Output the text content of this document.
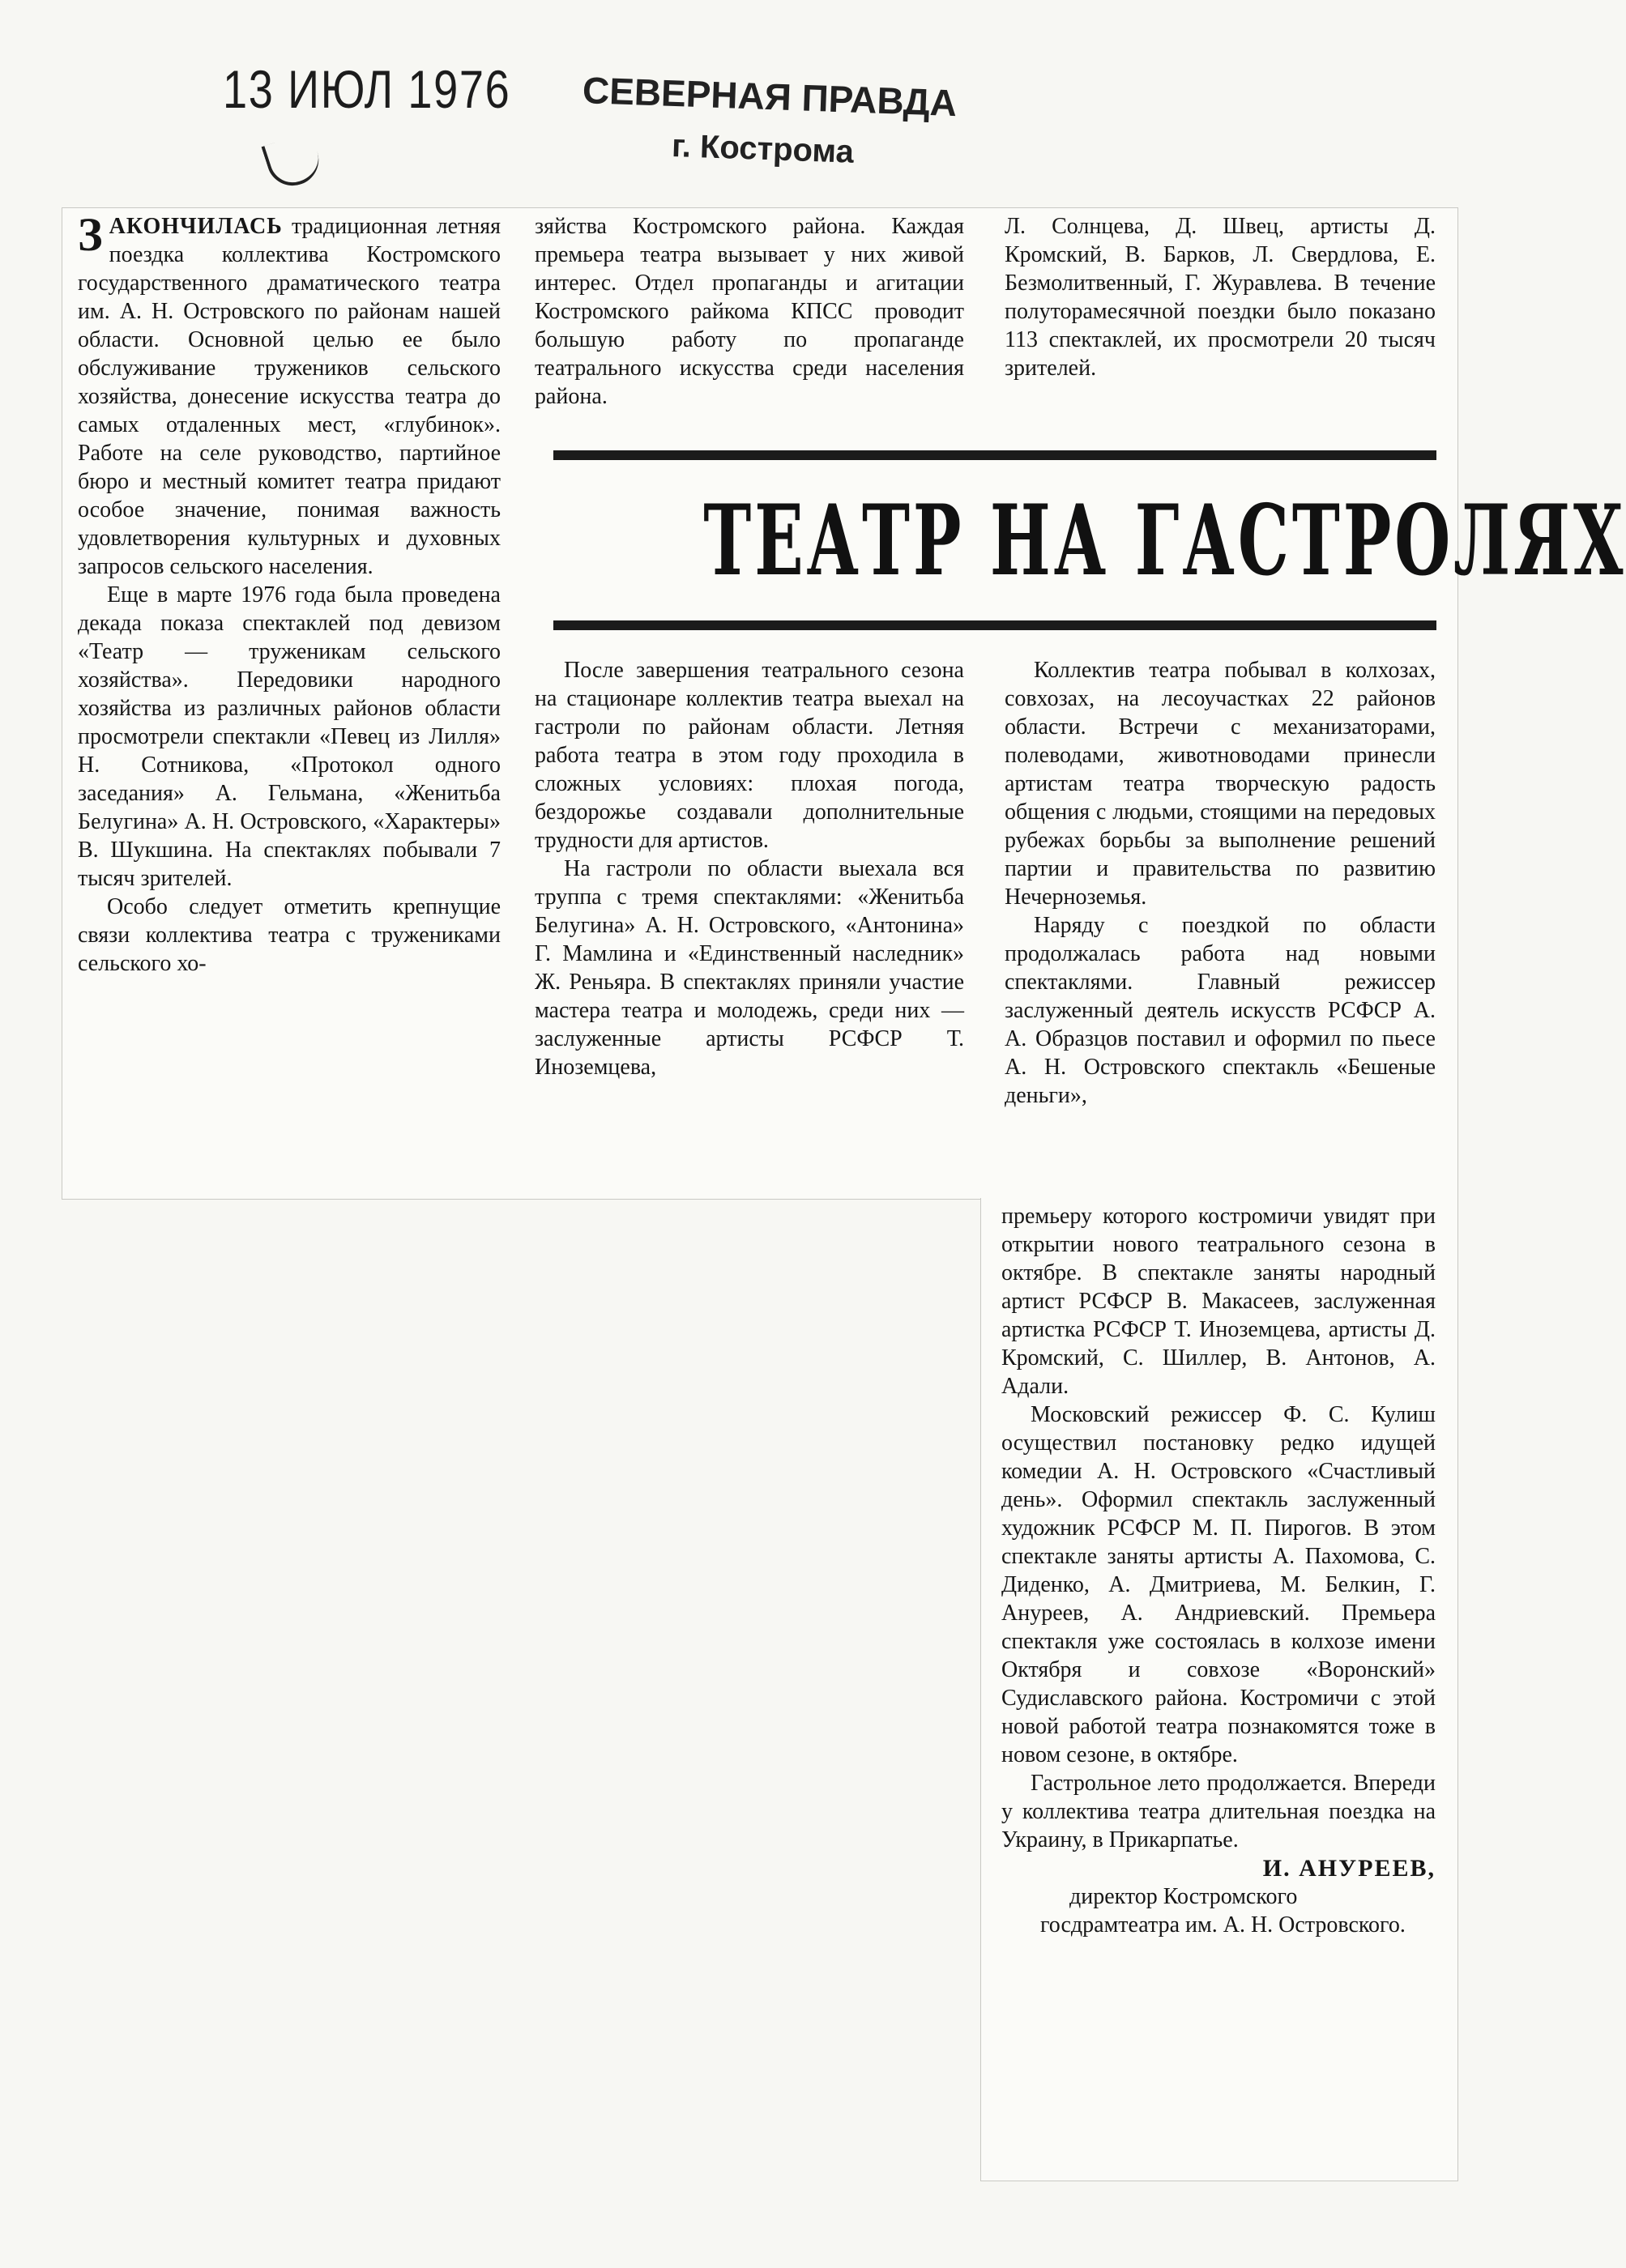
13 ИЮЛ 1976 СЕВЕРНАЯ ПРАВДА
г. Кострома
ТЕАТР НА ГАСТРОЛЯХ

ЗАКОНЧИЛАСЬ традиционная летняя поездка коллектива Костромского государственного драматического театра им. А. Н. Островского по районам нашей области. Основной целью ее было обслуживание тружеников сельского хозяйства, донесение искусства театра до самых отдаленных мест, «глубинок». Работе на селе руководство, партийное бюро и местный комитет театра придают особое значение, понимая важность удовлетворения культурных и духовных запросов сельского населения.

Еще в марте 1976 года была проведена декада показа спектаклей под девизом «Театр — труженикам сельского хозяйства». Передовики народного хозяйства из различных районов области просмотрели спектакли «Певец из Лилля» Н. Сотникова, «Протокол одного заседания» А. Гельмана, «Женитьба Белугина» А. Н. Островского, «Характеры» В. Шукшина. На спектаклях побывали 7 тысяч зрителей.

Особо следует отметить крепнущие связи коллектива театра с тружениками сельского хо-

зяйства Костромского района. Каждая премьера театра вызывает у них живой интерес. Отдел пропаганды и агитации Костромского райкома КПСС проводит большую работу по пропаганде театрального искусства среди населения района.

Л. Солнцева, Д. Швец, артисты Д. Кромский, В. Барков, Л. Свердлова, Е. Безмолитвенный, Г. Журавлева. В течение полуторамесячной поездки было показано 113 спектаклей, их просмотрели 20 тысяч зрителей.

После завершения театрального сезона на стационаре коллектив театра выехал на гастроли по районам области. Летняя работа театра в этом году проходила в сложных условиях: плохая погода, бездорожье создавали дополнительные трудности для артистов.

На гастроли по области выехала вся труппа с тремя спектаклями: «Женитьба Белугина» А. Н. Островского, «Антонина» Г. Мамлина и «Единственный наследник» Ж. Реньяра. В спектаклях приняли участие мастера театра и молодежь, среди них — заслуженные артисты РСФСР Т. Иноземцева,

Коллектив театра побывал в колхозах, совхозах, на лесоучастках 22 районов области. Встречи с механизаторами, полеводами, животноводами принесли артистам театра творческую радость общения с людьми, стоящими на передовых рубежах борьбы за выполнение решений партии и правительства по развитию Нечерноземья.

Наряду с поездкой по области продолжалась работа над новыми спектаклями. Главный режиссер заслуженный деятель искусств РСФСР А. А. Образцов поставил и оформил по пьесе А. Н. Островского спектакль «Бешеные деньги»,

премьеру которого костромичи увидят при открытии нового театрального сезона в октябре. В спектакле заняты народный артист РСФСР В. Макасеев, заслуженная артистка РСФСР Т. Иноземцева, артисты Д. Кромский, С. Шиллер, В. Антонов, А. Адали.

Московский режиссер Ф. С. Кулиш осуществил постановку редко идущей комедии А. Н. Островского «Счастливый день». Оформил спектакль заслуженный художник РСФСР М. П. Пирогов. В этом спектакле заняты артисты А. Пахомова, С. Диденко, А. Дмитриева, М. Белкин, Г. Ануреев, А. Андриевский. Премьера спектакля уже состоялась в колхозе имени Октября и совхозе «Воронский» Судиславского района. Костромичи с этой новой работой театра познакомятся тоже в новом сезоне, в октябре.

Гастрольное лето продолжается. Впереди у коллектива театра длительная поездка на Украину, в Прикарпатье.

И. АНУРЕЕВ,

директор Костромского госдрамтеатра им. А. Н. Островского.
